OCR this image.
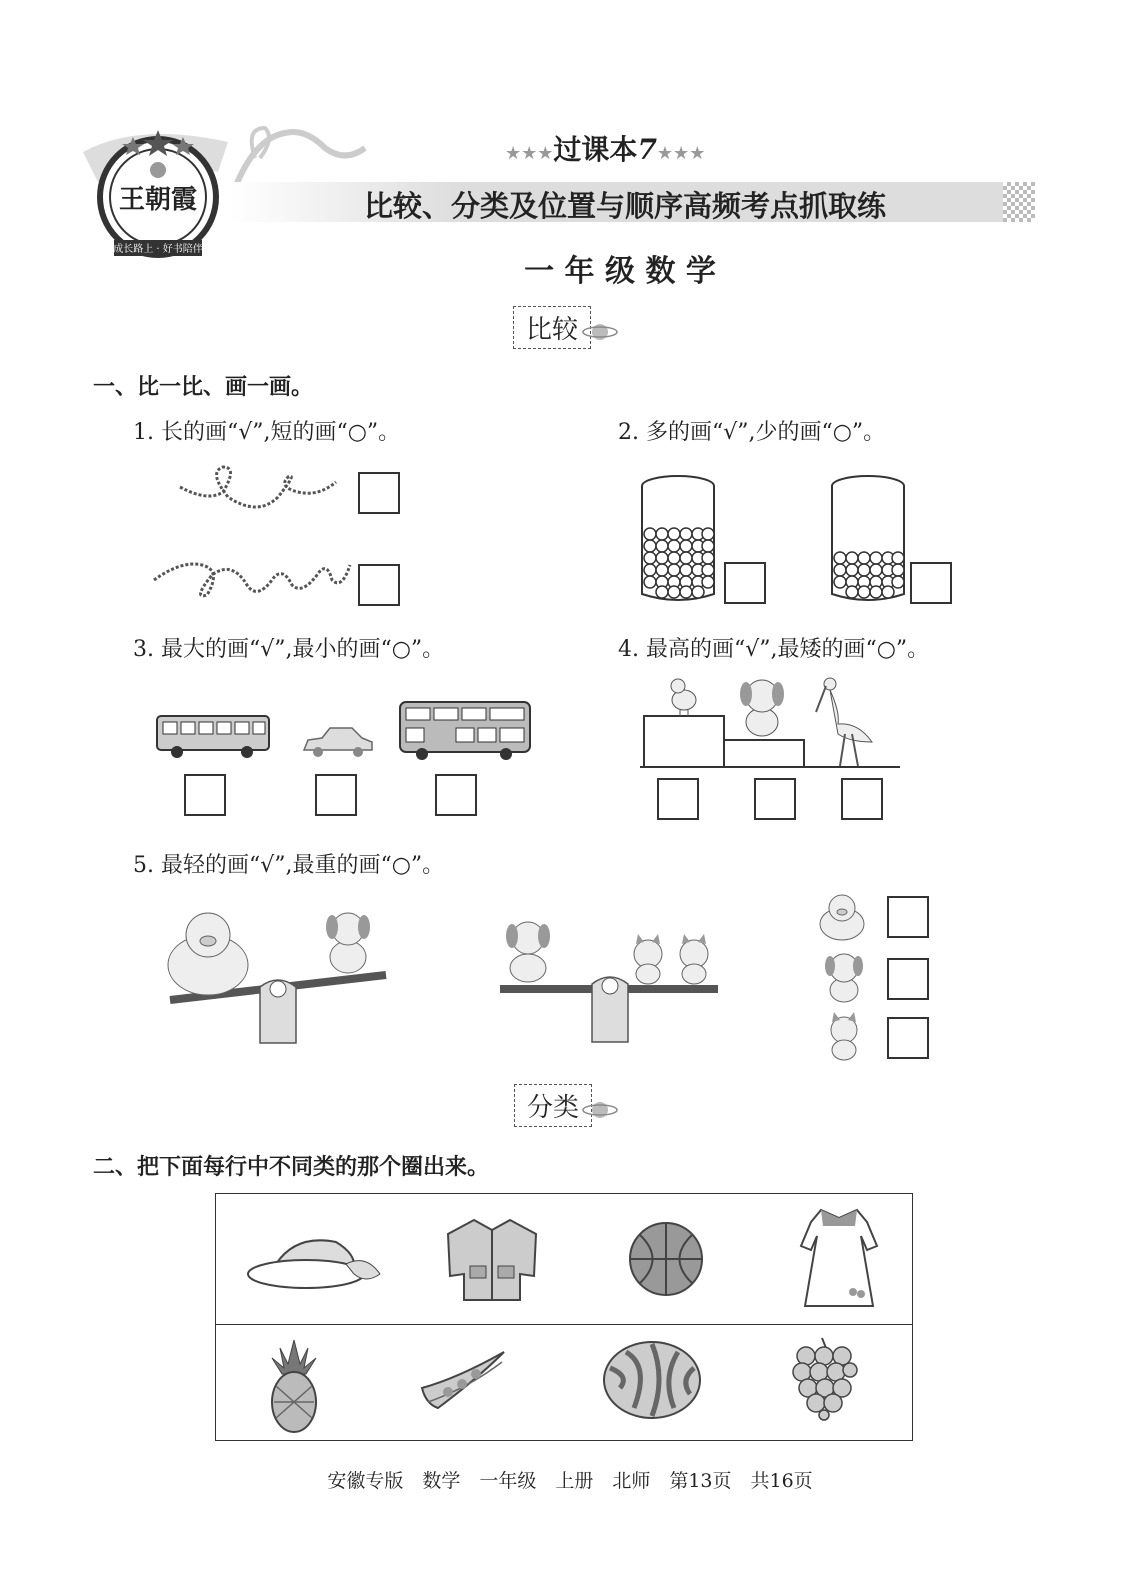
王朝霞
成长路上 · 好书陪伴
★★★过课本7★★★
比较、分类及位置与顺序高频考点抓取练
一 年 级 数 学
比较
一、比一比、画一画。
1. 长的画“√”,短的画“○”。	2. 多的画“√”,少的画“○”。
3. 最大的画“√”,最小的画“○”。	4. 最高的画“√”,最矮的画“○”。
5. 最轻的画“√”,最重的画“○”。
分类
二、把下面每行中不同类的那个圈出来。
安徽专版　数学　一年级　上册　北师　第13页　共16页
